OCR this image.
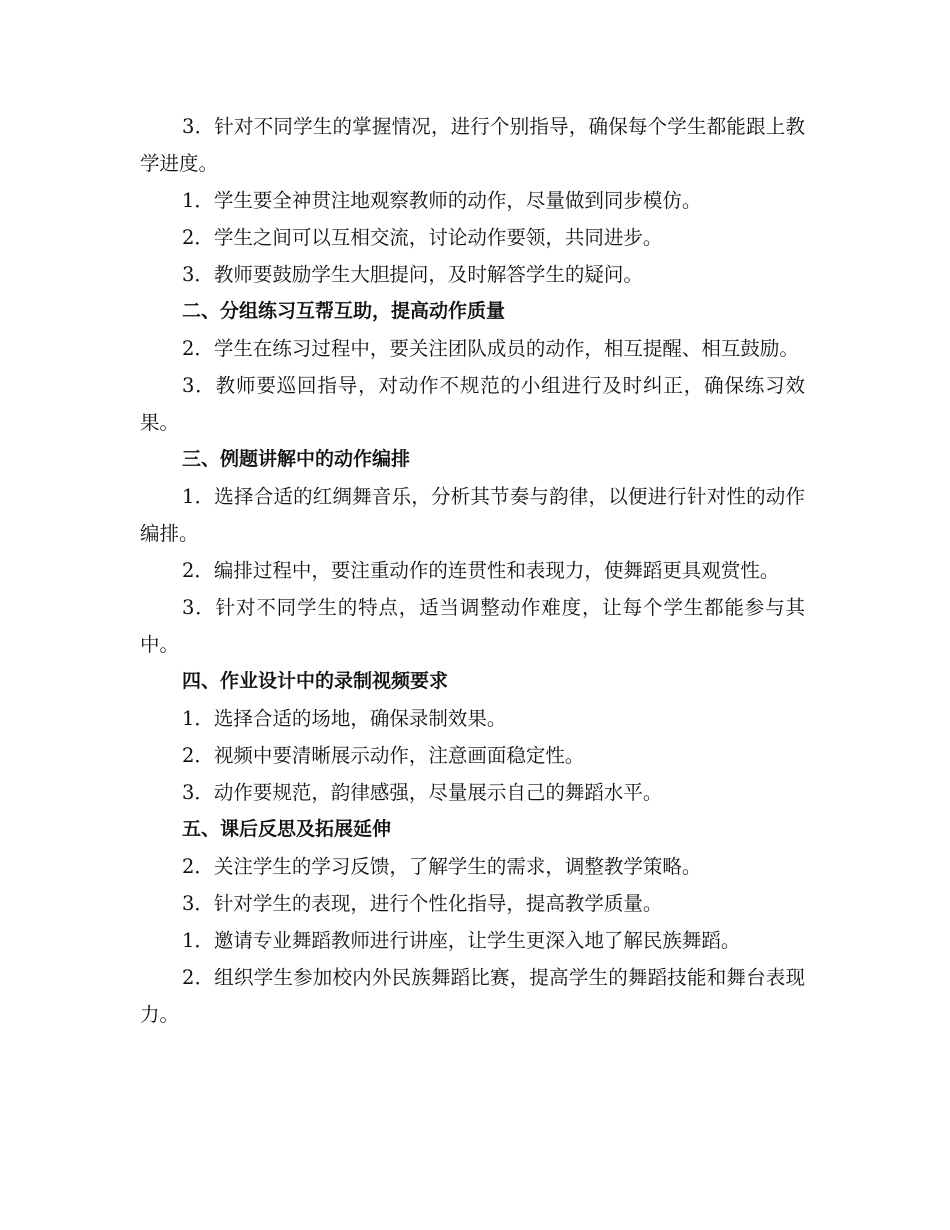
3．针对不同学生的掌握情况，进行个别指导，确保每个学生都能跟上教学进度。

1．学生要全神贯注地观察教师的动作，尽量做到同步模仿。

2．学生之间可以互相交流，讨论动作要领，共同进步。

3．教师要鼓励学生大胆提问，及时解答学生的疑问。

二、分组练习互帮互助，提高动作质量

2．学生在练习过程中，要关注团队成员的动作，相互提醒、相互鼓励。

3．教师要巡回指导，对动作不规范的小组进行及时纠正，确保练习效果。

三、例题讲解中的动作编排

1．选择合适的红绸舞音乐，分析其节奏与韵律，以便进行针对性的动作编排。

2．编排过程中，要注重动作的连贯性和表现力，使舞蹈更具观赏性。

3．针对不同学生的特点，适当调整动作难度，让每个学生都能参与其中。

四、作业设计中的录制视频要求

1．选择合适的场地，确保录制效果。

2．视频中要清晰展示动作，注意画面稳定性。

3．动作要规范，韵律感强，尽量展示自己的舞蹈水平。

五、课后反思及拓展延伸

2．关注学生的学习反馈，了解学生的需求，调整教学策略。

3．针对学生的表现，进行个性化指导，提高教学质量。

1．邀请专业舞蹈教师进行讲座，让学生更深入地了解民族舞蹈。

2．组织学生参加校内外民族舞蹈比赛，提高学生的舞蹈技能和舞台表现力。
